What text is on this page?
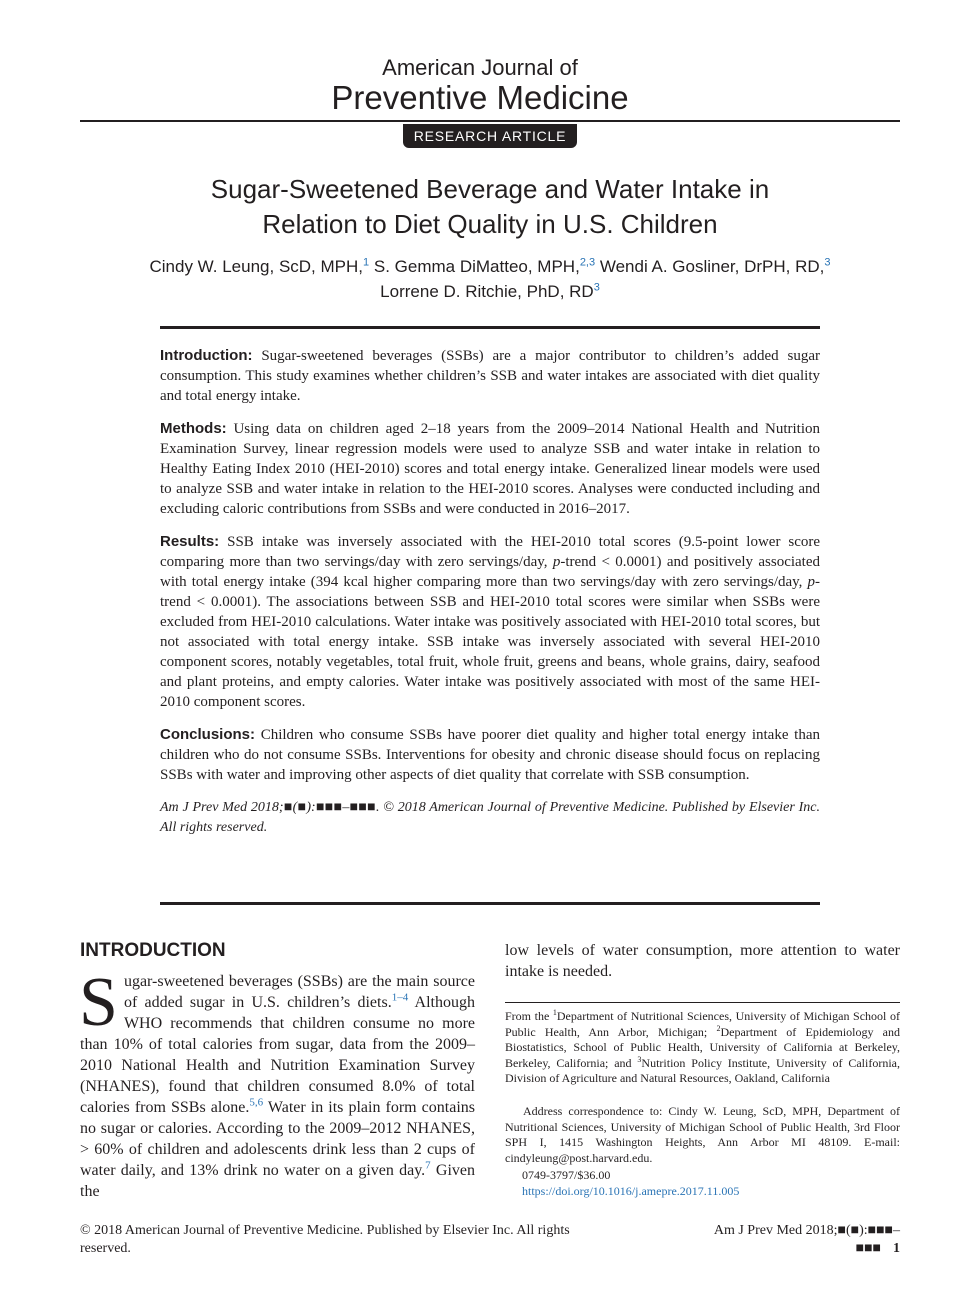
American Journal of
Preventive Medicine
RESEARCH ARTICLE
Sugar-Sweetened Beverage and Water Intake in
Relation to Diet Quality in U.S. Children
Cindy W. Leung, ScD, MPH,$^1$ S. Gemma DiMatteo, MPH,$^{2,3}$ Wendi A. Gosliner, DrPH, RD,$^3$
Lorrene D. Ritchie, PhD, $RD^3$

Introduction: Sugar-sweetened beverages (SSBs) are a major contributor to children’s added sugar consumption. This study examines whether children’s SSB and water intakes are associated with diet quality and total energy intake.

Methods: Using data on children aged 2–18 years from the 2009–2014 National Health and Nutrition Examination Survey, linear regression models were used to analyze SSB and water intake in relation to Healthy Eating Index 2010 (HEI-2010) scores and total energy intake. Generalized linear models were used to analyze SSB and water intake in relation to the HEI-2010 scores. Analyses were conducted including and excluding caloric contributions from SSBs and were conducted in 2016–2017.

Results: SSB intake was inversely associated with the HEI-2010 total scores (9.5-point lower score comparing more than two servings/day with zero servings/day, p-trend < 0.0001) and positively associated with total energy intake (394 kcal higher comparing more than two servings/day with zero servings/day, p-trend < 0.0001). The associations between SSB and HEI-2010 total scores were similar when SSBs were excluded from HEI-2010 calculations. Water intake was positively associated with HEI-2010 total scores, but not associated with total energy intake. SSB intake was inversely associated with several HEI-2010 component scores, notably vegetables, total fruit, whole fruit, greens and beans, whole grains, dairy, seafood and plant proteins, and empty calories. Water intake was positively associated with most of the same HEI-2010 component scores.

Conclusions: Children who consume SSBs have poorer diet quality and higher total energy intake than children who do not consume SSBs. Interventions for obesity and chronic disease should focus on replacing SSBs with water and improving other aspects of diet quality that correlate with SSB consumption.

Am J Prev Med 2018;■(■):■■■–■■■. © 2018 American Journal of Preventive Medicine. Published by Elsevier Inc. All rights reserved.

INTRODUCTION

Sugar-sweetened beverages (SSBs) are the main source of added sugar in U.S. children’s diets.$^{1-4}$ Although WHO recommends that children consume no more than 10% of total calories from sugar, data from the 2009–2010 National Health and Nutrition Examination Survey (NHANES), found that children consumed 8.0% of total calories from SSBs alone.$^{5,6}$ Water in its plain form contains no sugar or calories. According to the 2009–2012 NHANES, > 60% of children and adolescents drink less than 2 cups of water daily, and 13% drink no water on a given day.$^7$ Given the

low levels of water consumption, more attention to water intake is needed.

From the $^1$Department of Nutritional Sciences, University of Michigan School of Public Health, Ann Arbor, Michigan; $^2$Department of Epidemiology and Biostatistics, School of Public Health, University of California at Berkeley, Berkeley, California; and $^3$Nutrition Policy Institute, University of California, Division of Agriculture and Natural Resources, Oakland, California

Address correspondence to: Cindy W. Leung, ScD, MPH, Department of Nutritional Sciences, University of Michigan School of Public Health, 3rd Floor SPH I, 1415 Washington Heights, Ann Arbor MI 48109. E-mail: cindyleung@post.harvard.edu.

0749-3797/$36.00
https://doi.org/10.1016/j.amepre.2017.11.005
© 2018 American Journal of Preventive Medicine. Published by Elsevier Inc. All rights reserved.
Am J Prev Med 2018;■(■):■■■–■■■ 1
